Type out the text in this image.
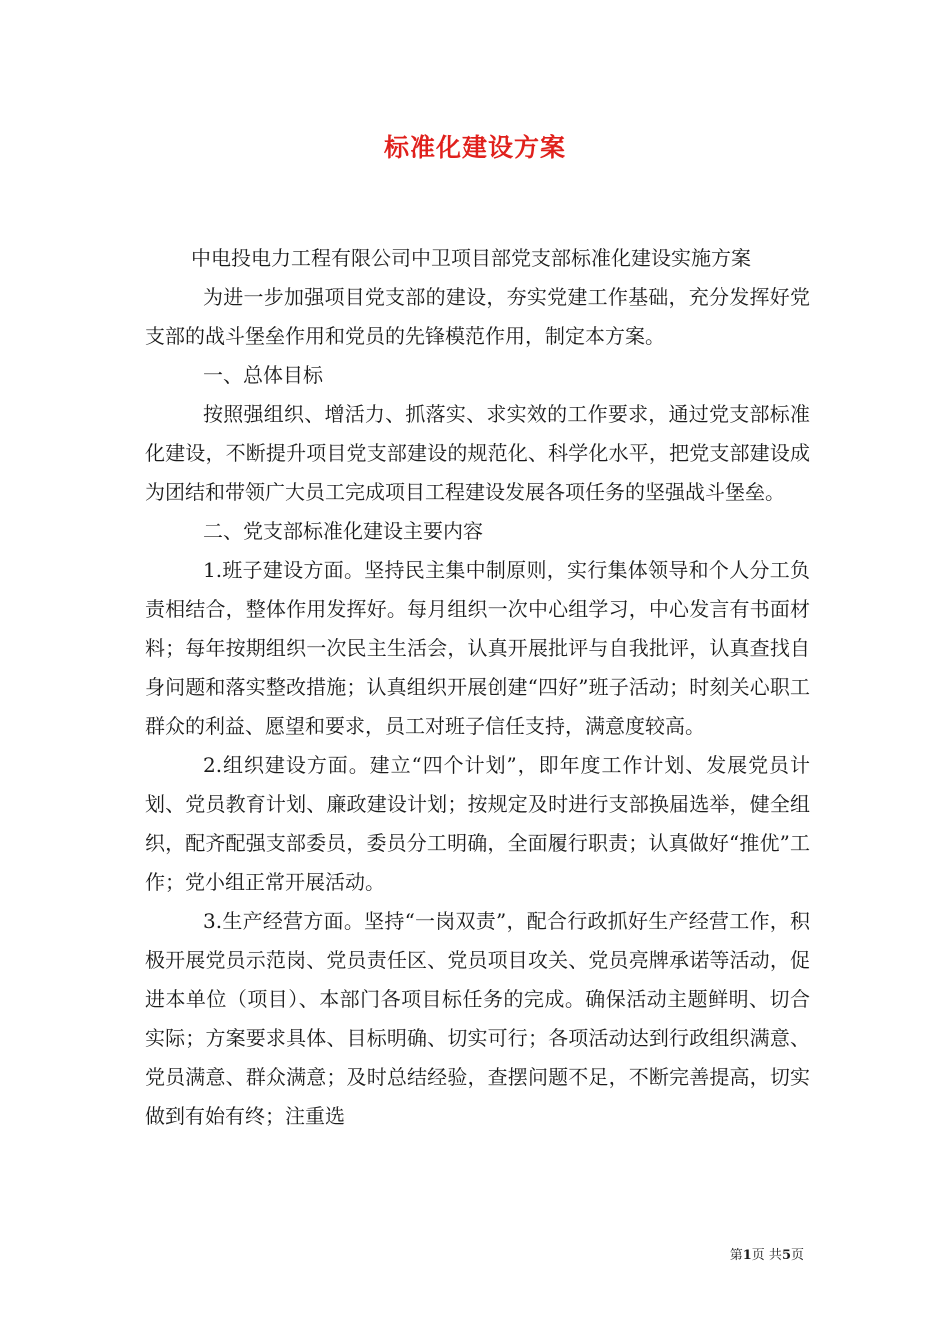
标准化建设方案

中电投电力工程有限公司中卫项目部党支部标准化建设实施方案

为进一步加强项目党支部的建设，夯实党建工作基础，充分发挥好党支部的战斗堡垒作用和党员的先锋模范作用，制定本方案。

一、总体目标

按照强组织、增活力、抓落实、求实效的工作要求，通过党支部标准化建设，不断提升项目党支部建设的规范化、科学化水平，把党支部建设成为团结和带领广大员工完成项目工程建设发展各项任务的坚强战斗堡垒。

二、党支部标准化建设主要内容

1.班子建设方面。坚持民主集中制原则，实行集体领导和个人分工负责相结合，整体作用发挥好。每月组织一次中心组学习，中心发言有书面材料；每年按期组织一次民主生活会，认真开展批评与自我批评，认真查找自身问题和落实整改措施；认真组织开展创建“四好”班子活动；时刻关心职工群众的利益、愿望和要求，员工对班子信任支持，满意度较高。

2.组织建设方面。建立“四个计划”，即年度工作计划、发展党员计划、党员教育计划、廉政建设计划；按规定及时进行支部换届选举，健全组织，配齐配强支部委员，委员分工明确，全面履行职责；认真做好“推优”工作；党小组正常开展活动。

3.生产经营方面。坚持“一岗双责”，配合行政抓好生产经营工作，积极开展党员示范岗、党员责任区、党员项目攻关、党员亮牌承诺等活动，促进本单位（项目）、本部门各项目标任务的完成。确保活动主题鲜明、切合实际；方案要求具体、目标明确、切实可行；各项活动达到行政组织满意、党员满意、群众满意；及时总结经验，查摆问题不足，不断完善提高，切实做到有始有终；注重选

第1页 共5页
